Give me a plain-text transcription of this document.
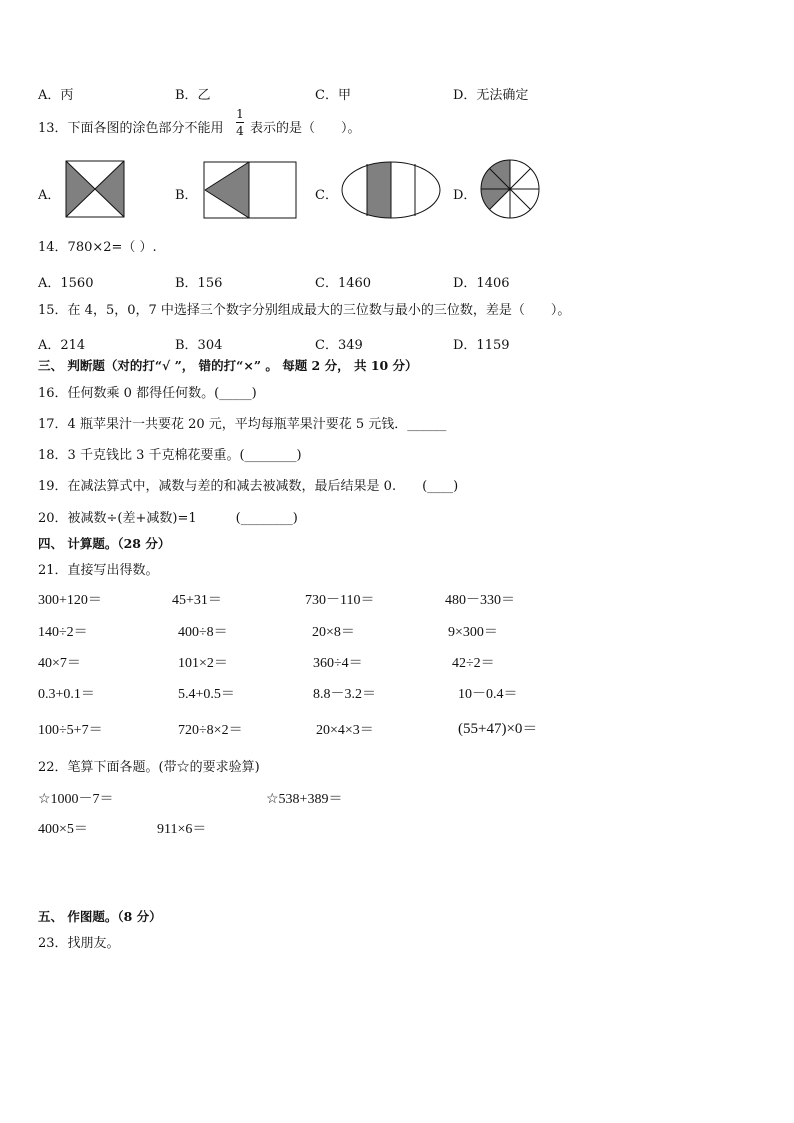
A．丙	B．乙	C．甲	D．无法确定
13．下面各图的涂色部分不能用
1
4 表示的是（　　）。
A．	B．	C．	D．
14．780×2=（ ）.
A．1560	B．156	C．1460	D．1406
15．在 4，5，0，7 中选择三个数字分别组成最大的三位数与最小的三位数，差是（　　）。
A．214	B．304	C．349	D．1159
三、 判断题（对的打“√ ”， 错的打“×” 。 每题 2 分， 共 10 分）
16．任何数乘 0 都得任何数。(_____)
17．4 瓶苹果汁一共要花 20 元，平均每瓶苹果汁要花 5 元钱．______
18．3 千克钱比 3 千克棉花要重。(________)
19．在减法算式中，减数与差的和减去被减数，最后结果是 0.　　(____)
20．被减数÷(差+减数)=1　　　(________)
四、 计算题。（28 分）
21．直接写出得数。
300+120＝	45+31＝	730－110＝	480－330＝
140÷2＝	400÷8＝	20×8＝	9×300＝
40×7＝	101×2＝	360÷4＝	42÷2＝
0.3+0.1＝	5.4+0.5＝	8.8－3.2＝	10－0.4＝
100÷5+7＝	720÷8×2＝	20×4×3＝	(55+47)×0＝
22．笔算下面各题。(带☆的要求验算)
☆1000－7＝	☆538+389＝
400×5＝	911×6＝
五、 作图题。（8 分）
23．找朋友。
